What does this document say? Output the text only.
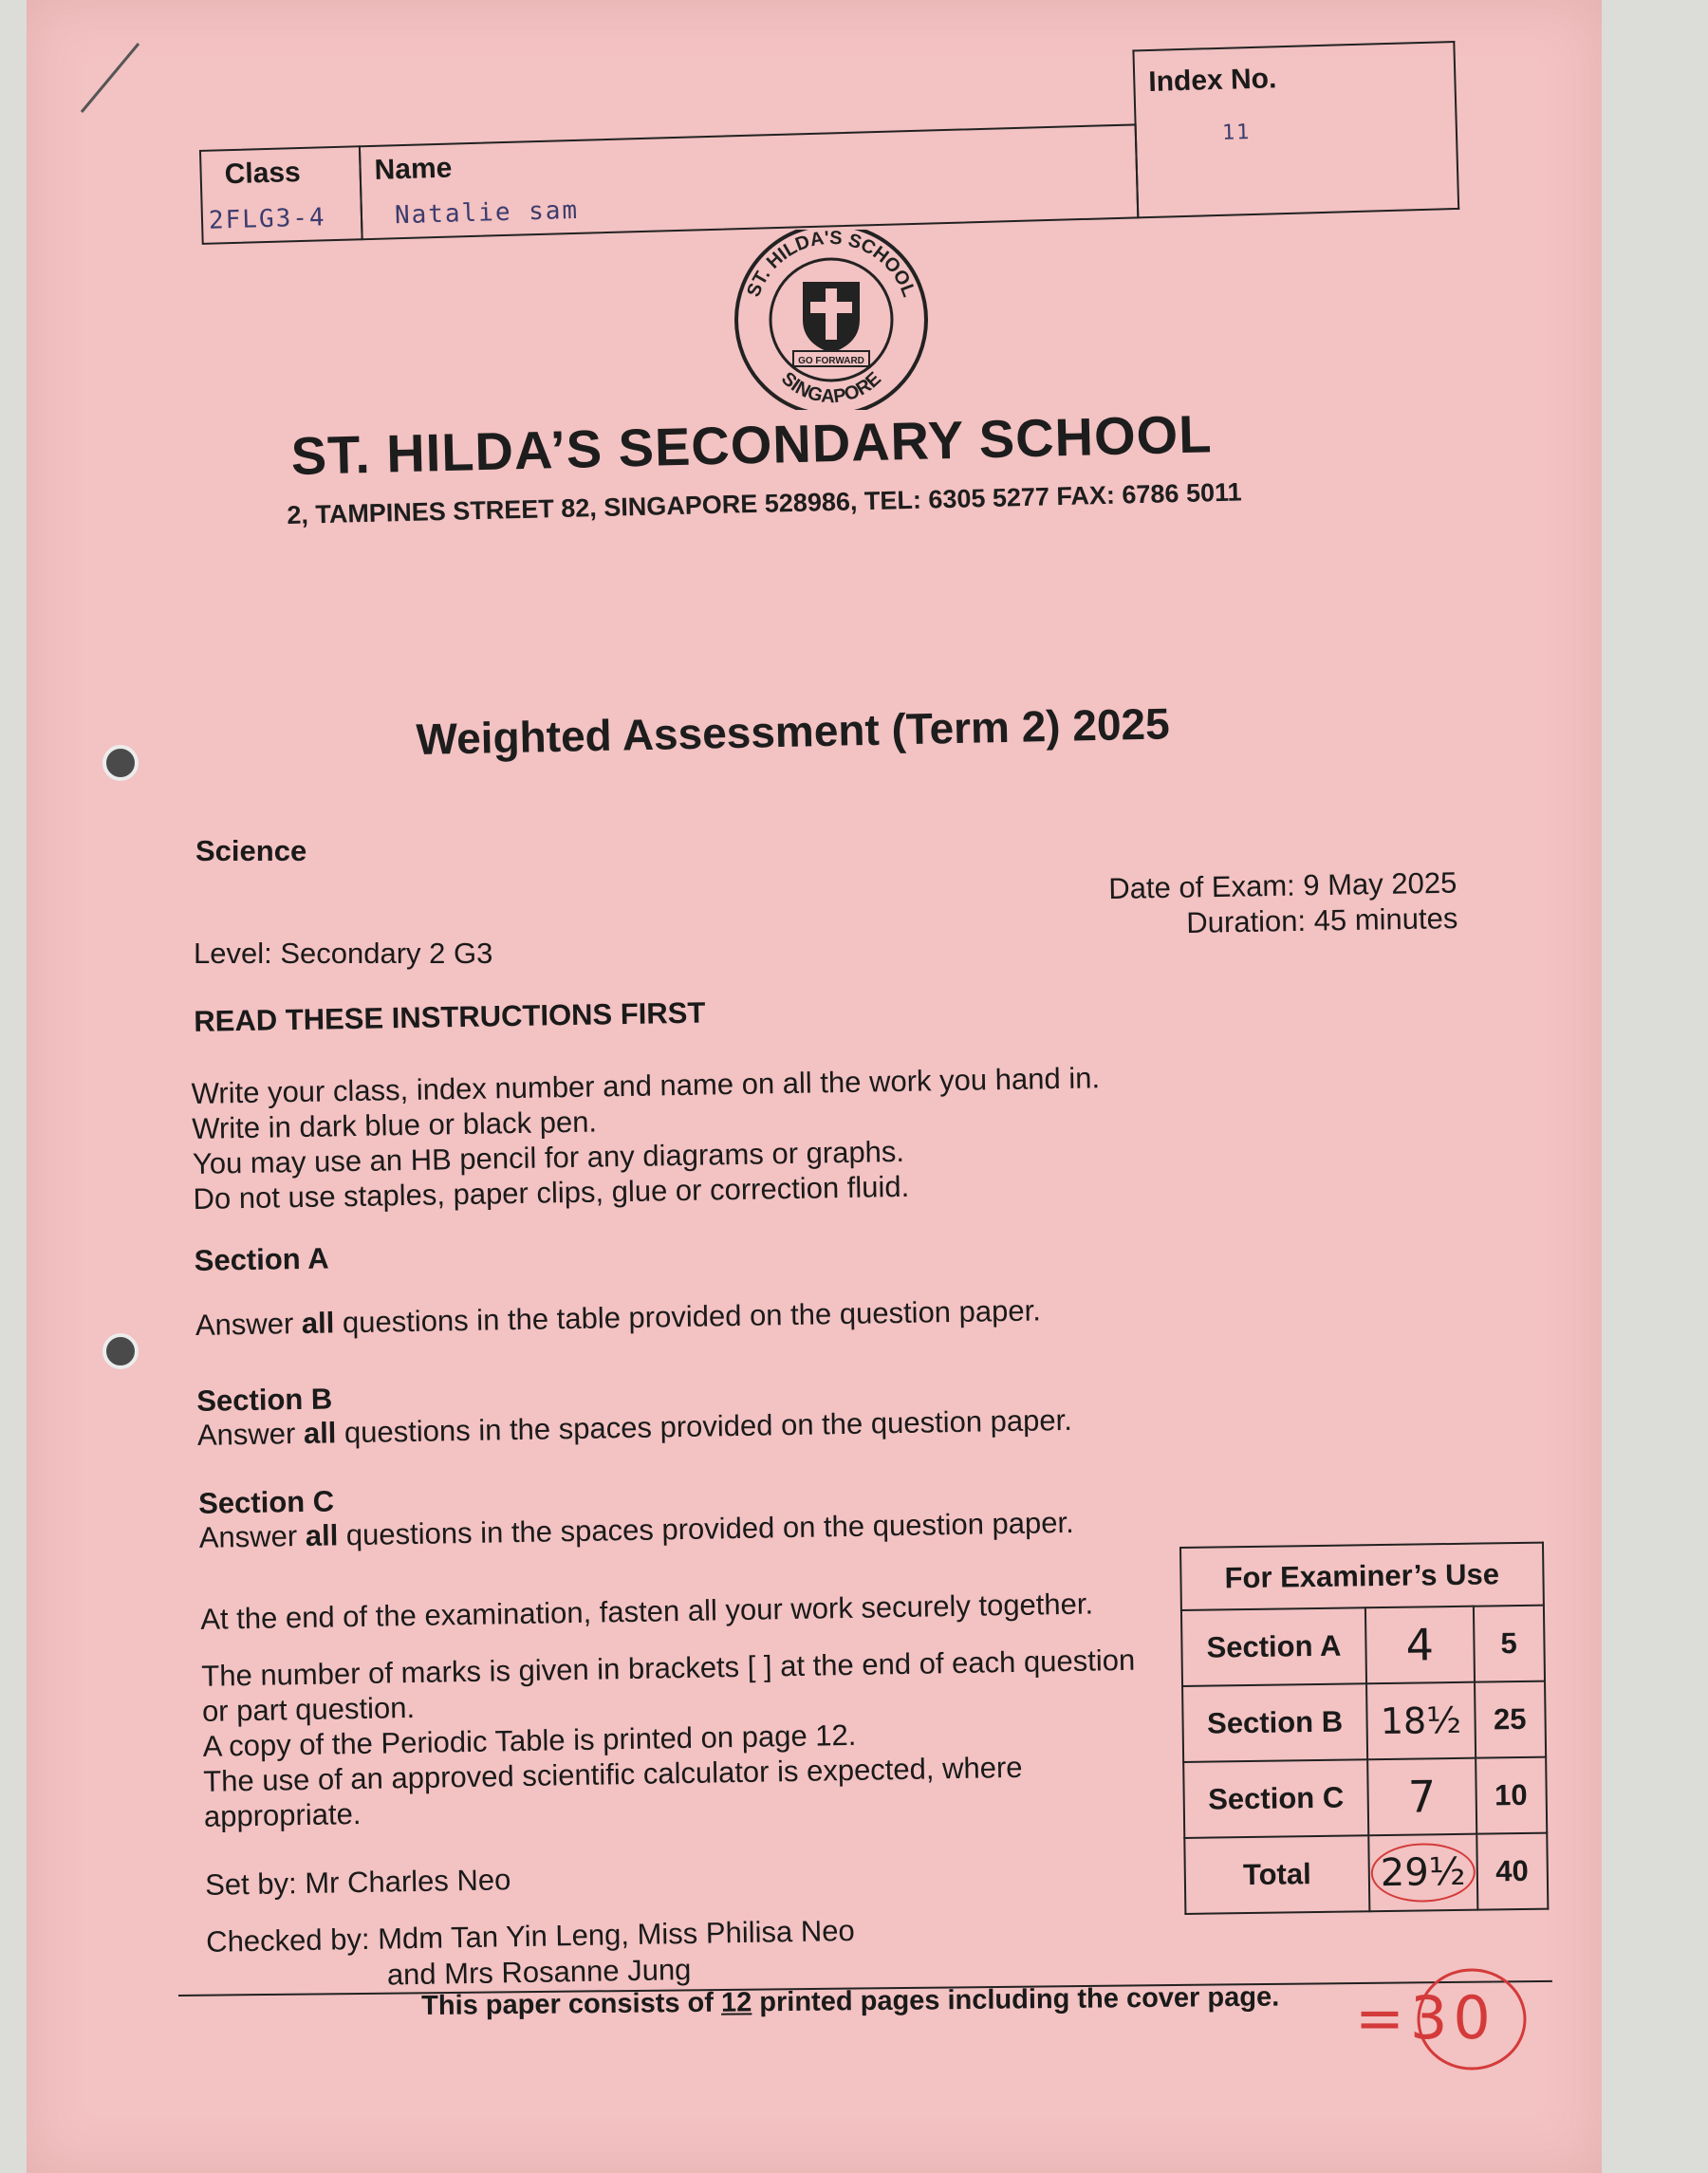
Class
2FLG3-4
Name
Natalie sam
Index No.
11
ST. HILDA'S SCHOOL
SINGAPORE
GO FORWARD
ST. HILDA’S SECONDARY SCHOOL
2, TAMPINES STREET 82, SINGAPORE 528986, TEL: 6305 5277 FAX: 6786 5011
Weighted Assessment (Term 2) 2025
Science
Date of Exam: 9 May 2025
Duration: 45 minutes
Level: Secondary 2 G3
READ THESE INSTRUCTIONS FIRST
Write your class, index number and name on all the work you hand in.
Write in dark blue or black pen.
You may use an HB pencil for any diagrams or graphs.
Do not use staples, paper clips, glue or correction fluid.
Section A
Answer all questions in the table provided on the question paper.
Section B
Answer all questions in the spaces provided on the question paper.
Section C
Answer all questions in the spaces provided on the question paper.
At the end of the examination, fasten all your work securely together.
The number of marks is given in brackets [ ] at the end of each question
or part question.
A copy of the Periodic Table is printed on page 12.
The use of an approved scientific calculator is expected, where
appropriate.
Set by: Mr Charles Neo
Checked by: Mdm Tan Yin Leng, Miss Philisa Neo
and Mrs Rosanne Jung
For Examiner’s Use		
Section A	4	5
Section B	18½	25
Section C	7	10
Total	29½	40
This paper consists of 12 printed pages including the cover page. =30
